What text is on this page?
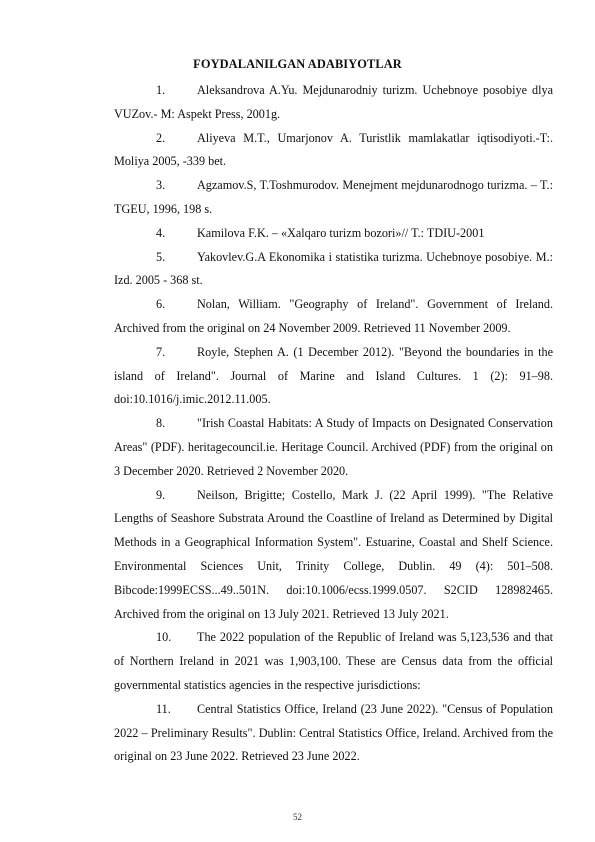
FOYDALANILGAN ADABIYOTLAR
1.	Aleksandrova A.Yu. Mejdunarodniy turizm. Uchebnoye posobiye dlya VUZov.- M: Aspekt Press, 2001g.
2.	Aliyeva M.T., Umarjonov A. Turistlik mamlakatlar iqtisodiyoti.-T:. Moliya 2005, -339 bet.
3.	Agzamov.S, T.Toshmurodov. Menejment mejdunarodnogo turizma. – T.: TGEU, 1996, 198 s.
4.	Kamilova F.K. – «Xalqaro turizm bozori»// T.: TDIU-2001
5.	Yakovlev.G.A Ekonomika i statistika turizma. Uchebnoye posobiye. M.: Izd. 2005 - 368 st.
6.	Nolan, William. "Geography of Ireland". Government of Ireland. Archived from the original on 24 November 2009. Retrieved 11 November 2009.
7.	Royle, Stephen A. (1 December 2012). "Beyond the boundaries in the island of Ireland". Journal of Marine and Island Cultures. 1 (2): 91–98. doi:10.1016/j.imic.2012.11.005.
8.	"Irish Coastal Habitats: A Study of Impacts on Designated Conservation Areas" (PDF). heritagecouncil.ie. Heritage Council. Archived (PDF) from the original on 3 December 2020. Retrieved 2 November 2020.
9.	Neilson, Brigitte; Costello, Mark J. (22 April 1999). "The Relative Lengths of Seashore Substrata Around the Coastline of Ireland as Determined by Digital Methods in a Geographical Information System". Estuarine, Coastal and Shelf Science. Environmental Sciences Unit, Trinity College, Dublin. 49 (4): 501–508. Bibcode:1999ECSS...49..501N. doi:10.1006/ecss.1999.0507. S2CID 128982465. Archived from the original on 13 July 2021. Retrieved 13 July 2021.
10. The 2022 population of the Republic of Ireland was 5,123,536 and that of Northern Ireland in 2021 was 1,903,100. These are Census data from the official governmental statistics agencies in the respective jurisdictions:
11. Central Statistics Office, Ireland (23 June 2022). "Census of Population 2022 – Preliminary Results". Dublin: Central Statistics Office, Ireland. Archived from the original on 23 June 2022. Retrieved 23 June 2022.
52
